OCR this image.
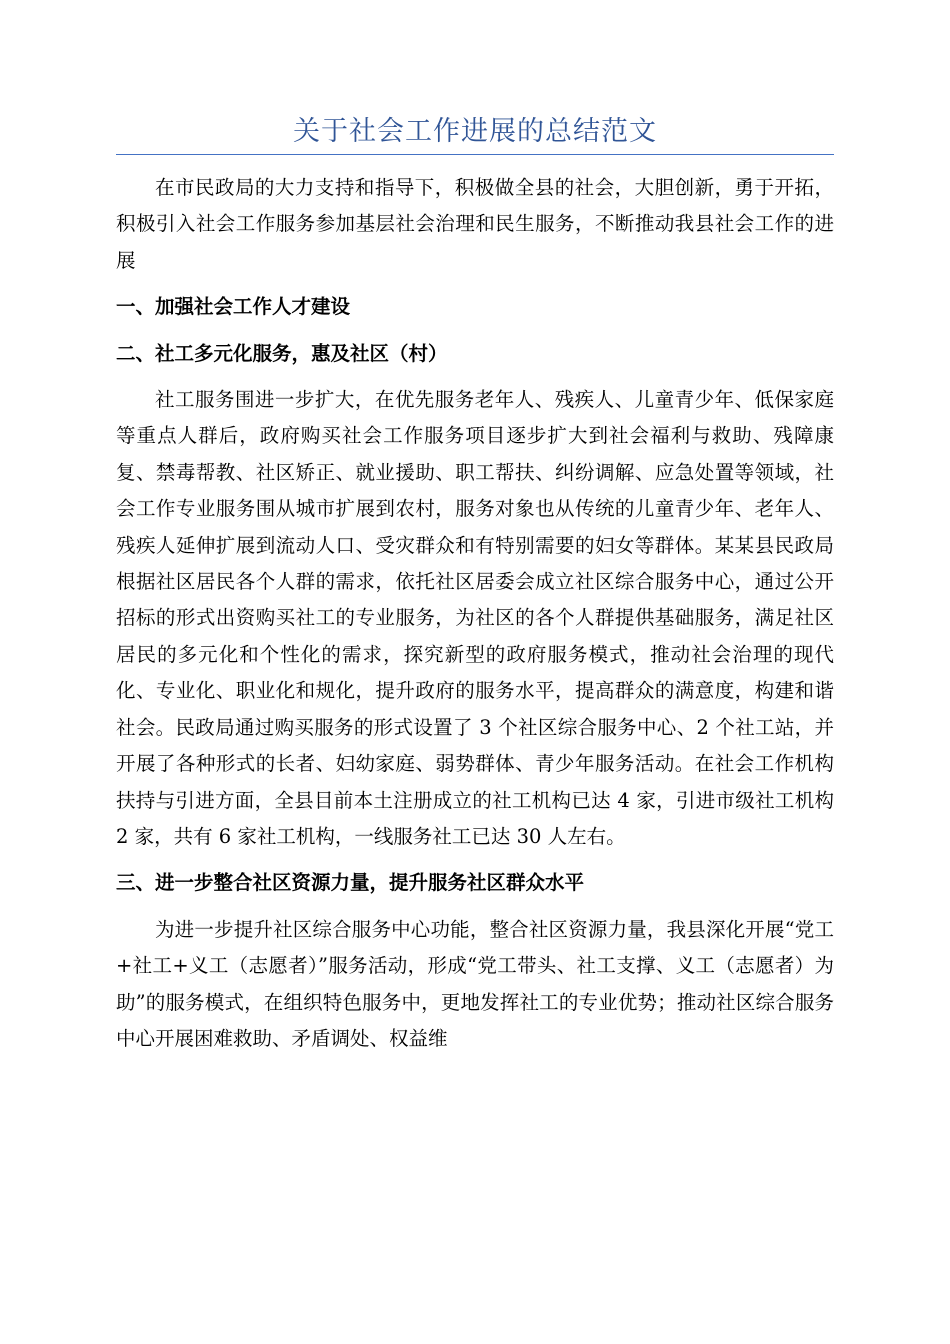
关于社会工作进展的总结范文

在市民政局的大力支持和指导下，积极做全县的社会，大胆创新，勇于开拓，积极引入社会工作服务参加基层社会治理和民生服务，不断推动我县社会工作的进展

一、加强社会工作人才建设

二、社工多元化服务，惠及社区（村）

社工服务围进一步扩大，在优先服务老年人、残疾人、儿童青少年、低保家庭等重点人群后，政府购买社会工作服务项目逐步扩大到社会福利与救助、残障康复、禁毒帮教、社区矫正、就业援助、职工帮扶、纠纷调解、应急处置等领域，社会工作专业服务围从城市扩展到农村，服务对象也从传统的儿童青少年、老年人、残疾人延伸扩展到流动人口、受灾群众和有特别需要的妇女等群体。某某县民政局根据社区居民各个人群的需求，依托社区居委会成立社区综合服务中心，通过公开招标的形式出资购买社工的专业服务，为社区的各个人群提供基础服务，满足社区居民的多元化和个性化的需求，探究新型的政府服务模式，推动社会治理的现代化、专业化、职业化和规化，提升政府的服务水平，提高群众的满意度，构建和谐社会。民政局通过购买服务的形式设置了 3 个社区综合服务中心、2 个社工站，并开展了各种形式的长者、妇幼家庭、弱势群体、青少年服务活动。在社会工作机构扶持与引进方面，全县目前本土注册成立的社工机构已达 4 家，引进市级社工机构 2 家，共有 6 家社工机构，一线服务社工已达 30 人左右。

三、进一步整合社区资源力量，提升服务社区群众水平

为进一步提升社区综合服务中心功能，整合社区资源力量，我县深化开展“党工+社工+义工（志愿者）”服务活动，形成“党工带头、社工支撑、义工（志愿者）为助”的服务模式，在组织特色服务中，更地发挥社工的专业优势；推动社区综合服务中心开展困难救助、矛盾调处、权益维
